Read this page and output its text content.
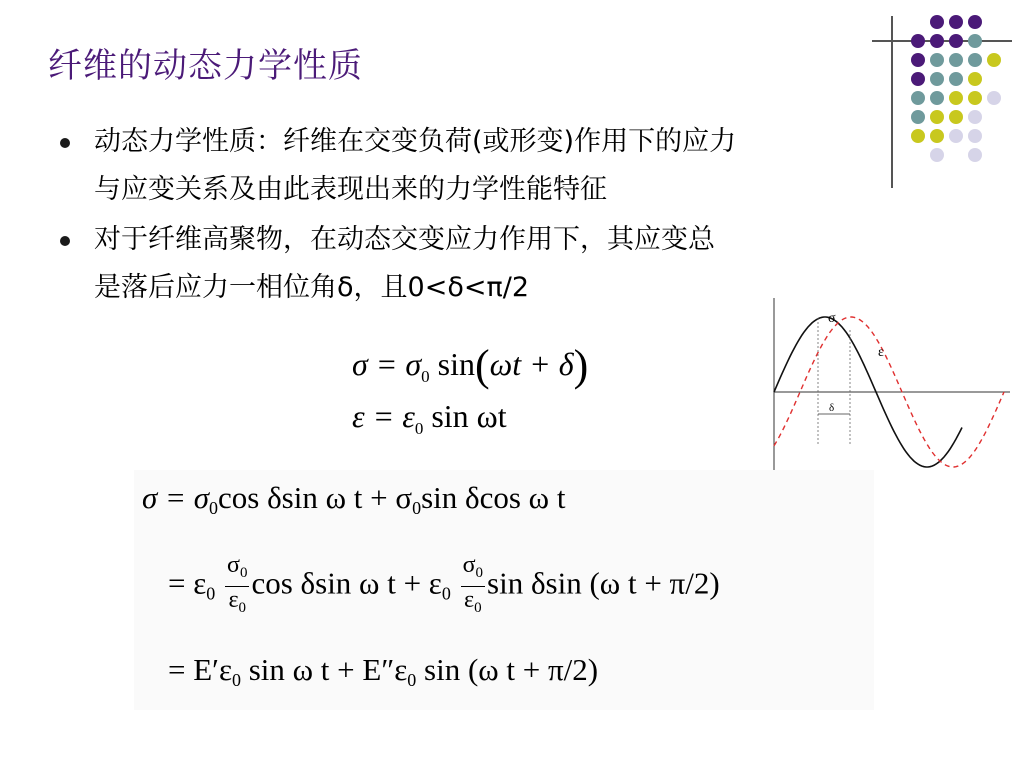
纤维的动态力学性质
动态力学性质：纤维在交变负荷(或形变)作用下的应力
与应变关系及由此表现出来的力学性能特征
对于纤维高聚物，在动态交变应力作用下，其应变总
是落后应力一相位角δ，且0<δ<π/2
$\sigma = \sigma_0$ sin(ωt + δ)
$\varepsilon = \varepsilon_0$ sin ωt
σ
ε
δ
σ = σ0cos δsin ω t + σ0sin δcos ω t
= $\varepsilon 0 \frac{\sigma_0}{\varepsilon_0}$ cos δsin ω $t + \varepsilon 0 \frac{\sigma_0}{\varepsilon_0}$ sin δsin (ω t + π/2)
= E′ε0 sin ω t + E″ε0 sin (ω t + π/2)
